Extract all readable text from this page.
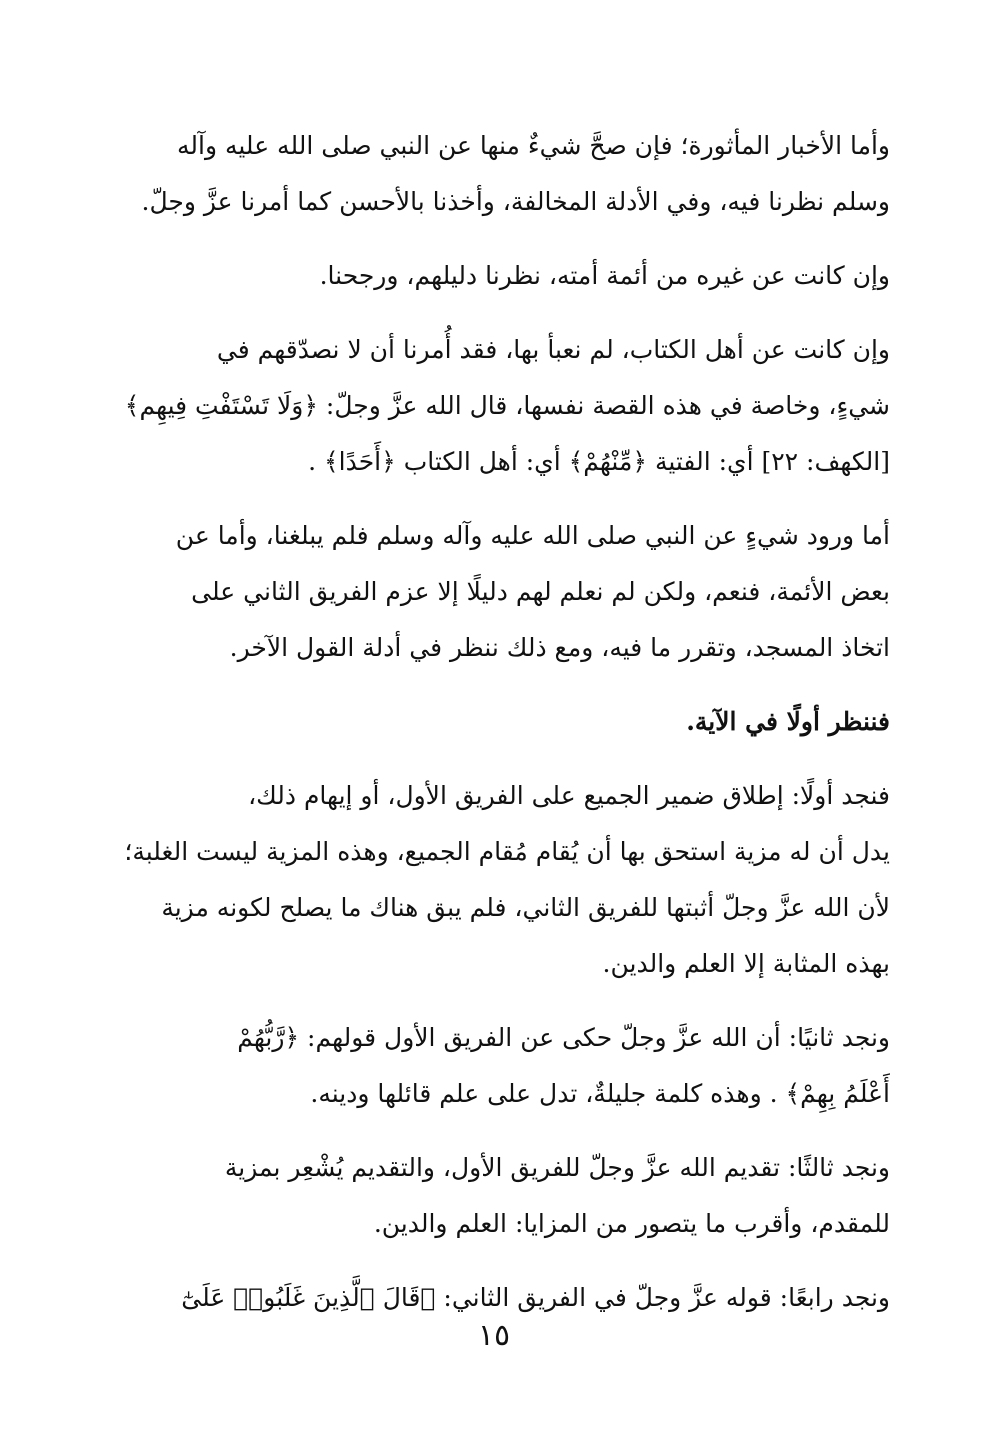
وأما الأخبار المأثورة؛ فإن صحَّ شيءٌ منها عن النبي صلى الله عليه وآله
وسلم نظرنا فيه، وفي الأدلة المخالفة، وأخذنا بالأحسن كما أمرنا عزَّ وجلّ.

وإن كانت عن غيره من أئمة أمته، نظرنا دليلهم، ورجحنا.

وإن كانت عن أهل الكتاب، لم نعبأ بها، فقد أُمرنا أن لا نصدّقهم في
شيءٍ، وخاصة في هذه القصة نفسها، قال الله عزَّ وجلّ: ﴿وَلَا تَسْتَفْتِ فِيهِم﴾
[الكهف: ٢٢] أي: الفتية ﴿مِّنْهُمْ﴾ أي: أهل الكتاب ﴿أَحَدًا﴾ .

أما ورود شيءٍ عن النبي صلى الله عليه وآله وسلم فلم يبلغنا، وأما عن
بعض الأئمة، فنعم، ولكن لم نعلم لهم دليلًا إلا عزم الفريق الثاني على
اتخاذ المسجد، وتقرر ما فيه، ومع ذلك ننظر في أدلة القول الآخر.

فننظر أولًا في الآية.

فنجد أولًا: إطلاق ضمير الجميع على الفريق الأول، أو إيهام ذلك،
يدل أن له مزية استحق بها أن يُقام مُقام الجميع، وهذه المزية ليست الغلبة؛
لأن الله عزَّ وجلّ أثبتها للفريق الثاني، فلم يبق هناك ما يصلح لكونه مزية
بهذه المثابة إلا العلم والدين.

ونجد ثانيًا: أن الله عزَّ وجلّ حكى عن الفريق الأول قولهم: ﴿رَّبُّهُمْ
أَعْلَمُ بِهِمْ﴾ . وهذه كلمة جليلةٌ، تدل على علم قائلها ودينه.

ونجد ثالثًا: تقديم الله عزَّ وجلّ للفريق الأول، والتقديم يُشْعِر بمزية
للمقدم، وأقرب ما يتصور من المزايا: العلم والدين.

ونجد رابعًا: قوله عزَّ وجلّ في الفريق الثاني: ﴿قَالَ ٱلَّذِينَ غَلَبُوا۟ عَلَىٰٓ

١٥
